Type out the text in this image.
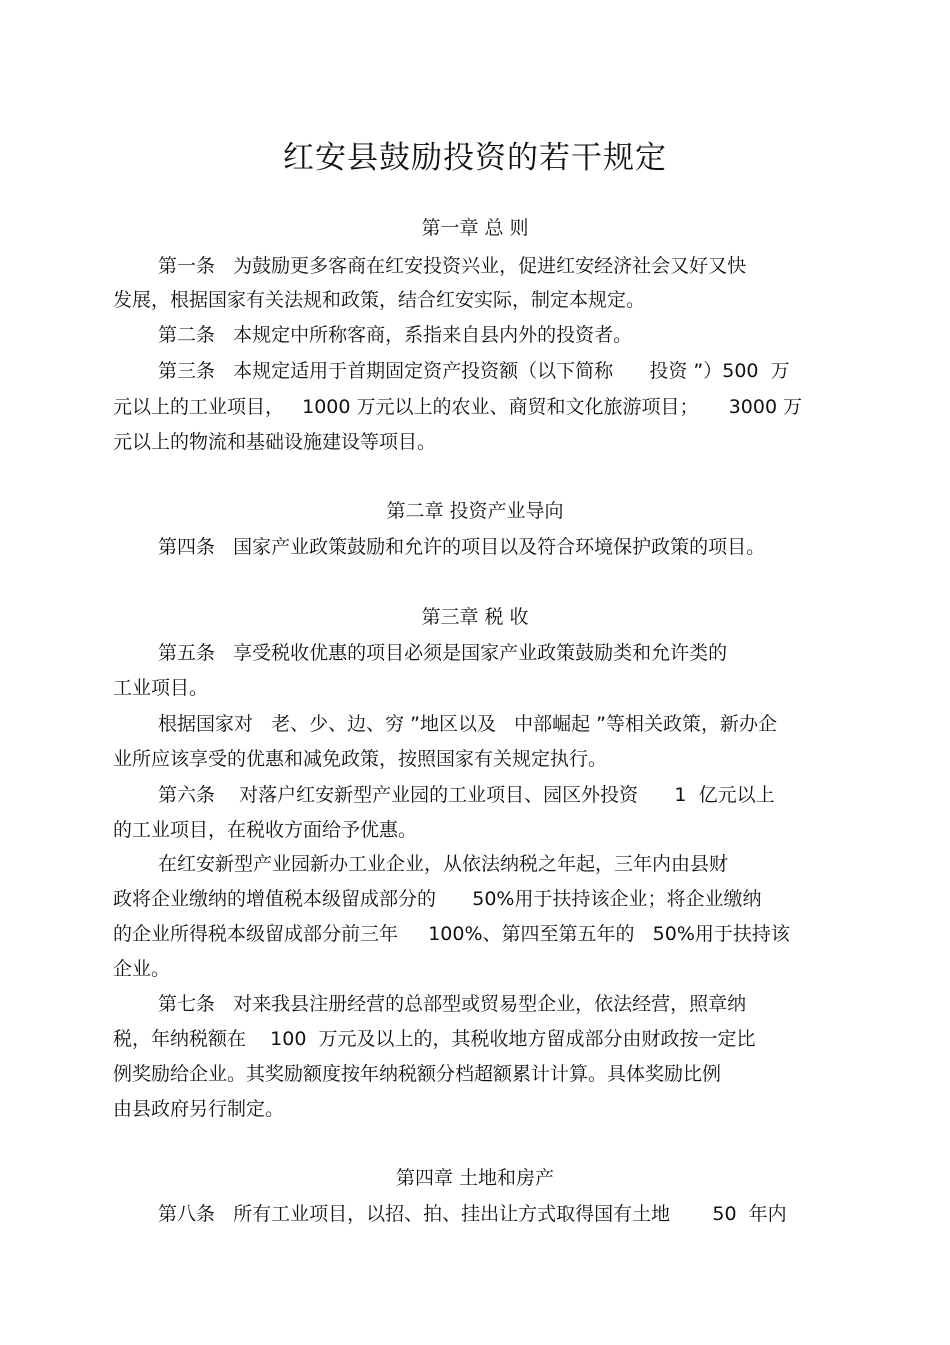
红安县鼓励投资的若干规定
第一章 总 则
第一条   为鼓励更多客商在红安投资兴业，促进红安经济社会又好又快
发展，根据国家有关法规和政策，结合红安实际，制定本规定。
第二条   本规定中所称客商，系指来自县内外的投资者。
第三条   本规定适用于首期固定资产投资额（以下简称      投资 ”）500  万
元以上的工业项目，   1000 万元以上的农业、商贸和文化旅游项目；     3000 万
元以上的物流和基础设施建设等项目。
第二章 投资产业导向
第四条   国家产业政策鼓励和允许的项目以及符合环境保护政策的项目。
第三章 税 收
第五条   享受税收优惠的项目必须是国家产业政策鼓励类和允许类的
工业项目。
根据国家对   老、少、边、穷 ”地区以及   中部崛起 ”等相关政策，新办企
业所应该享受的优惠和减免政策，按照国家有关规定执行。
第六条    对落户红安新型产业园的工业项目、园区外投资      1  亿元以上
的工业项目，在税收方面给予优惠。
在红安新型产业园新办工业企业，从依法纳税之年起，三年内由县财
政将企业缴纳的增值税本级留成部分的      50%用于扶持该企业；将企业缴纳
的企业所得税本级留成部分前三年     100%、第四至第五年的   50%用于扶持该
企业。
第七条   对来我县注册经营的总部型或贸易型企业，依法经营，照章纳
税，年纳税额在    100  万元及以上的，其税收地方留成部分由财政按一定比
例奖励给企业。其奖励额度按年纳税额分档超额累计计算。具体奖励比例
由县政府另行制定。
第四章 土地和房产
第八条   所有工业项目，以招、拍、挂出让方式取得国有土地       50  年内
